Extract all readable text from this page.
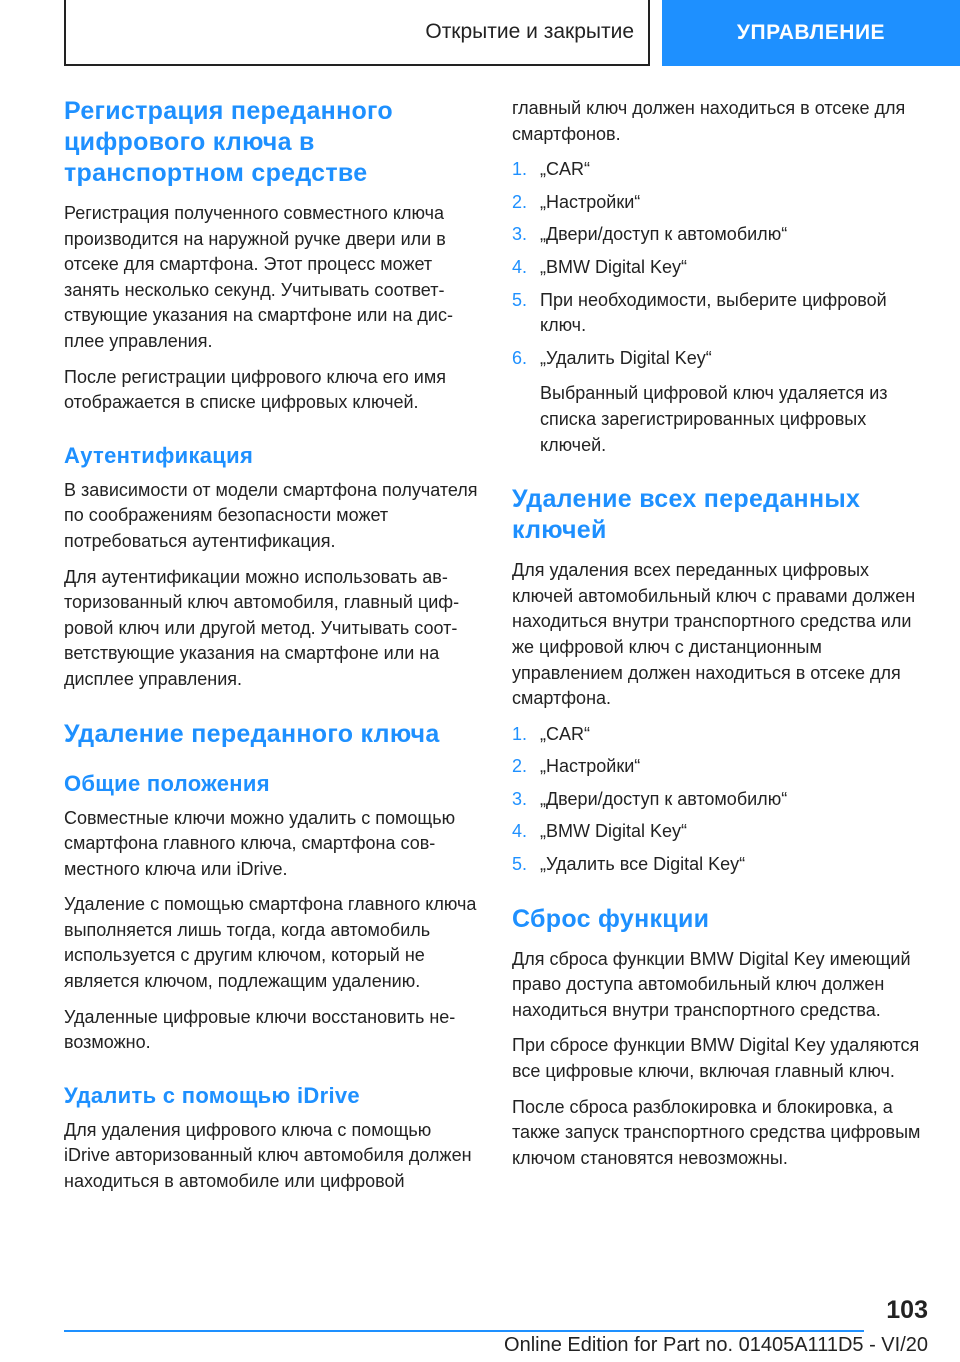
Открытие и закрытие	УПРАВЛЕНИЕ
Регистрация переданного цифрового ключа в транспортном средстве

Регистрация полученного совместного ключа производится на наружной ручке двери или в отсеке для смартфона. Этот процесс может занять несколько секунд. Учитывать соответствующие указания на смартфоне или на дисплее управления.

После регистрации цифрового ключа его имя отображается в списке цифровых ключей.

Аутентификация

В зависимости от модели смартфона получателя по соображениям безопасности может потребоваться аутентификация.

Для аутентификации можно использовать авторизованный ключ автомобиля, главный цифровой ключ или другой метод. Учитывать соответствующие указания на смартфоне или на дисплее управления.

Удаление переданного ключа
Общие положения

Совместные ключи можно удалить с помощью смартфона главного ключа, смартфона совместного ключа или iDrive.

Удаление с помощью смартфона главного ключа выполняется лишь тогда, когда автомобиль используется с другим ключом, который не является ключом, подлежащим удалению.

Удаленные цифровые ключи восстановить невозможно.

Удалить с помощью iDrive

Для удаления цифрового ключа с помощью iDrive авторизованный ключ автомобиля должен находиться в автомобиле или цифровой

главный ключ должен находиться в отсеке для смартфонов.

1. „CAR“
2. „Настройки“
3. „Двери/доступ к автомобилю“
4. „BMW Digital Key“
5. При необходимости, выберите цифровой ключ.
6. „Удалить Digital Key“

Выбранный цифровой ключ удаляется из списка зарегистрированных цифровых ключей.

Удаление всех переданных ключей

Для удаления всех переданных цифровых ключей автомобильный ключ с правами должен находиться внутри транспортного средства или же цифровой ключ с дистанционным управлением должен находиться в отсеке для смартфона.

1. „CAR“
2. „Настройки“
3. „Двери/доступ к автомобилю“
4. „BMW Digital Key“
5. „Удалить все Digital Key“
Сброс функции

Для сброса функции BMW Digital Key имеющий право доступа автомобильный ключ должен находиться внутри транспортного средства.

При сбросе функции BMW Digital Key удаляются все цифровые ключи, включая главный ключ.

После сброса разблокировка и блокировка, а также запуск транспортного средства цифровым ключом становятся невозможны.

103
Online Edition for Part no. 01405A111D5 - VI/20
